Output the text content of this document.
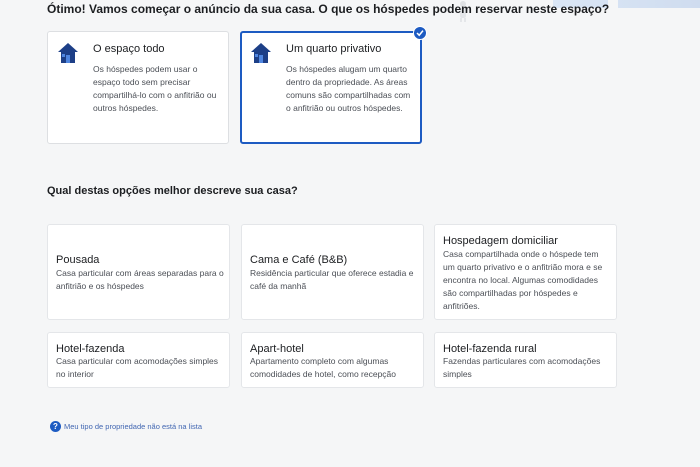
Ótimo! Vamos começar o anúncio da sua casa. O que os hóspedes podem reservar neste espaço?
O espaço todo
Os hóspedes podem usar o espaço todo sem precisar compartilhá-lo com o anfitrião ou outros hóspedes.
Um quarto privativo
Os hóspedes alugam um quarto dentro da propriedade. As áreas comuns são compartilhadas com o anfitrião ou outros hóspedes.
Qual destas opções melhor descreve sua casa?
Pousada
Casa particular com áreas separadas para o anfitrião e os hóspedes
Cama e Café (B&B)
Residência particular que oferece estadia e café da manhã
Hospedagem domiciliar
Casa compartilhada onde o hóspede tem um quarto privativo e o anfitrião mora e se encontra no local. Algumas comodidades são compartilhadas por hóspedes e anfitriões.
Hotel-fazenda
Casa particular com acomodações simples no interior
Apart-hotel
Apartamento completo com algumas comodidades de hotel, como recepção
Hotel-fazenda rural
Fazendas particulares com acomodações simples
? Meu tipo de propriedade não está na lista
